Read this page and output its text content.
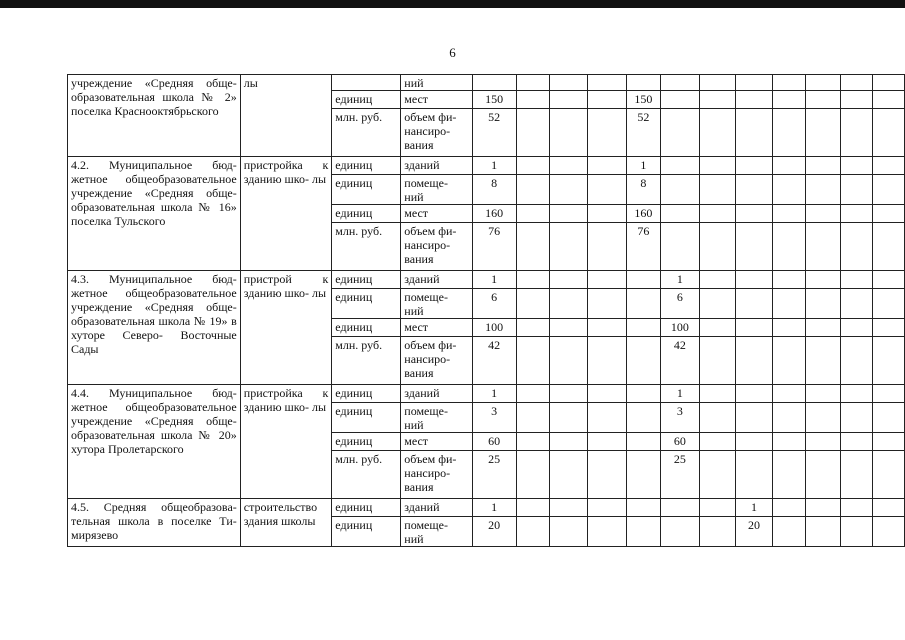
6
учреждение «Средняя обще- образовательная школа № 2» поселка Краснооктябрьского	лы		ний												
		единиц	мест	150				150							
		млн. руб.	объем фи- нансиро- вания	52				52							
4.2. Муниципальное бюд- жетное общеобразовательное учреждение «Средняя обще- образовательная школа № 16» поселка Тульского	пристройка к зданию шко- лы	единиц	зданий	1				1							
		единиц	помеще- ний	8				8							
		единиц	мест	160				160							
		млн. руб.	объем фи- нансиро- вания	76				76							
4.3. Муниципальное бюд- жетное общеобразовательное учреждение «Средняя обще- образовательная школа № 19» в хуторе Северо- Восточные Сады	пристрой к зданию шко- лы	единиц	зданий	1					1						
		единиц	помеще- ний	6					6						
		единиц	мест	100					100						
		млн. руб.	объем фи- нансиро- вания	42					42						
4.4. Муниципальное бюд- жетное общеобразовательное учреждение «Средняя обще- образовательная школа № 20» хутора Пролетарского	пристройка к зданию шко- лы	единиц	зданий	1					1						
		единиц	помеще- ний	3					3						
		единиц	мест	60					60						
		млн. руб.	объем фи- нансиро- вания	25					25						
4.5. Средняя общеобразова- тельная школа в поселке Ти- мирязево	строительство здания школы	единиц	зданий	1							1				
		единиц	помеще- ний	20							20				
